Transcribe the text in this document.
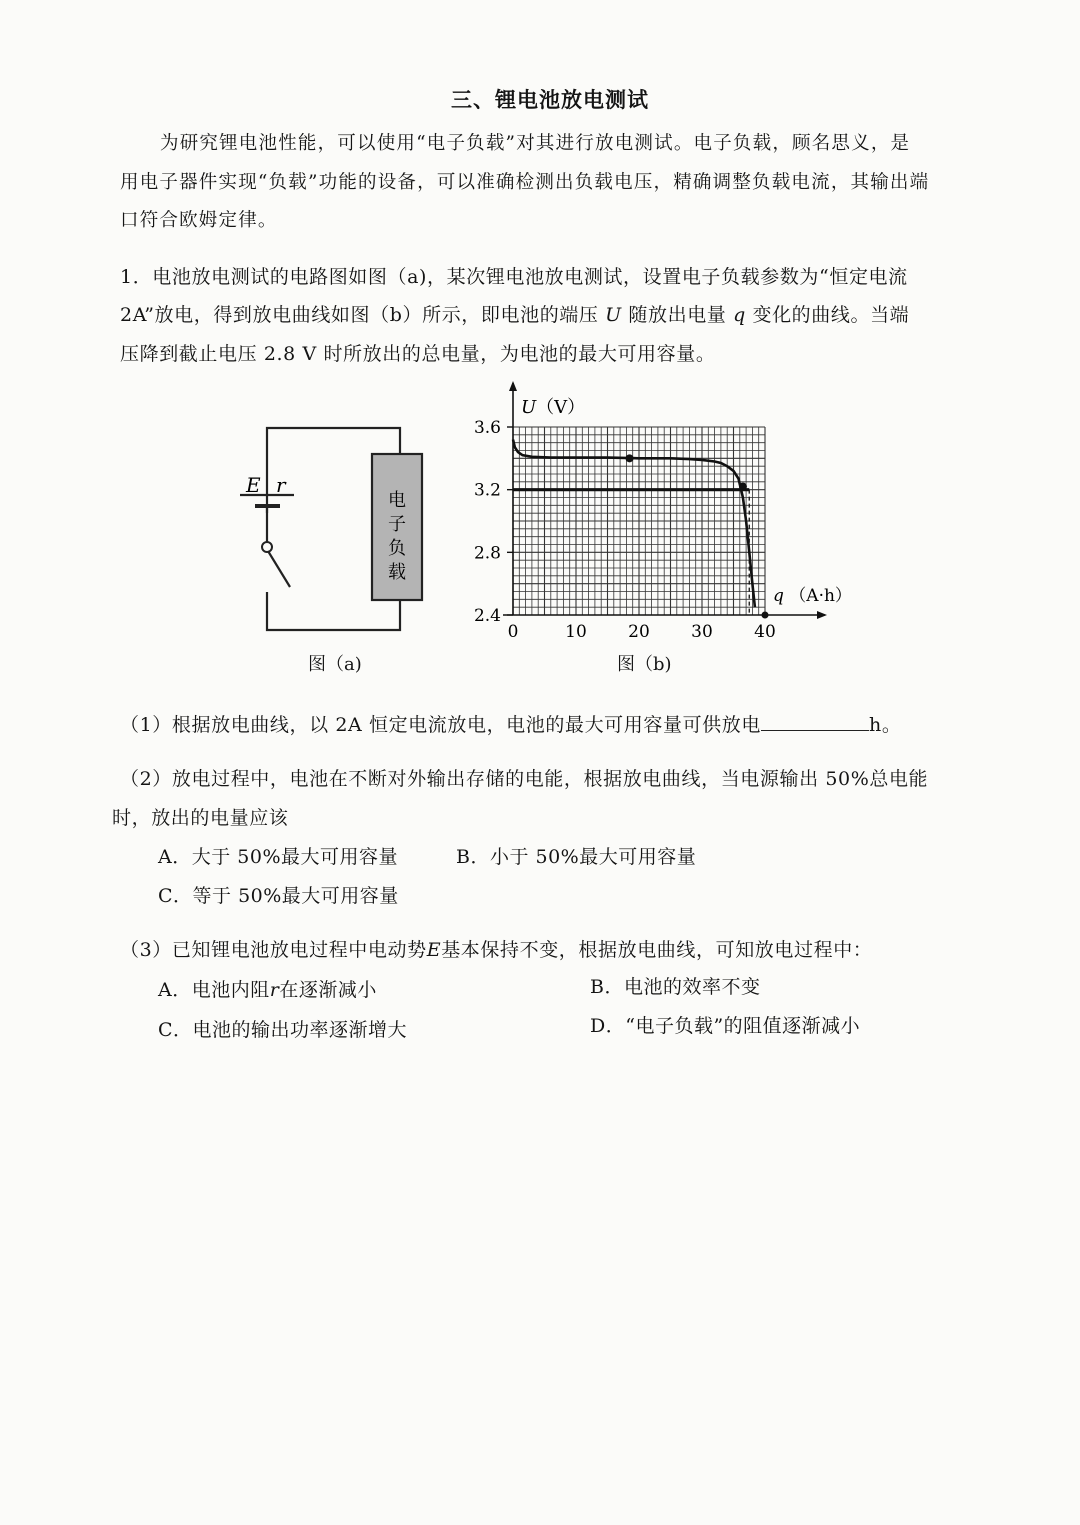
三、锂电池放电测试
为研究锂电池性能，可以使用“电子负载”对其进行放电测试。电子负载，顾名思义，是
用电子器件实现“负载”功能的设备，可以准确检测出负载电压，精确调整负载电流，其输出端
口符合欧姆定律。
1．电池放电测试的电路图如图（a)，某次锂电池放电测试，设置电子负载参数为“恒定电流
2A”放电，得到放电曲线如图（b）所示，即电池的端压 U 随放出电量 q 变化的曲线。当端
压降到截止电压 2.8 V 时所放出的总电量，为电池的最大可用容量。
E r
电
子
负
载
图（a)
3.6
3.2
2.8
2.4
0	10 20 30 40
U（V）
q （A·h）
图（b)
（1）根据放电曲线，以 2A 恒定电流放电，电池的最大可用容量可供放电	h。
（2）放电过程中，电池在不断对外输出存储的电能，根据放电曲线，当电源输出 50%总电能
时，放出的电量应该
A．大于 50%最大可用容量	B．小于 50%最大可用容量
C．等于 50%最大可用容量
（3）已知锂电池放电过程中电动势E基本保持不变，根据放电曲线，可知放电过程中：
A．电池内阻r在逐渐减小	B．电池的效率不变
C．电池的输出功率逐渐增大	D．“电子负载”的阻值逐渐减小
